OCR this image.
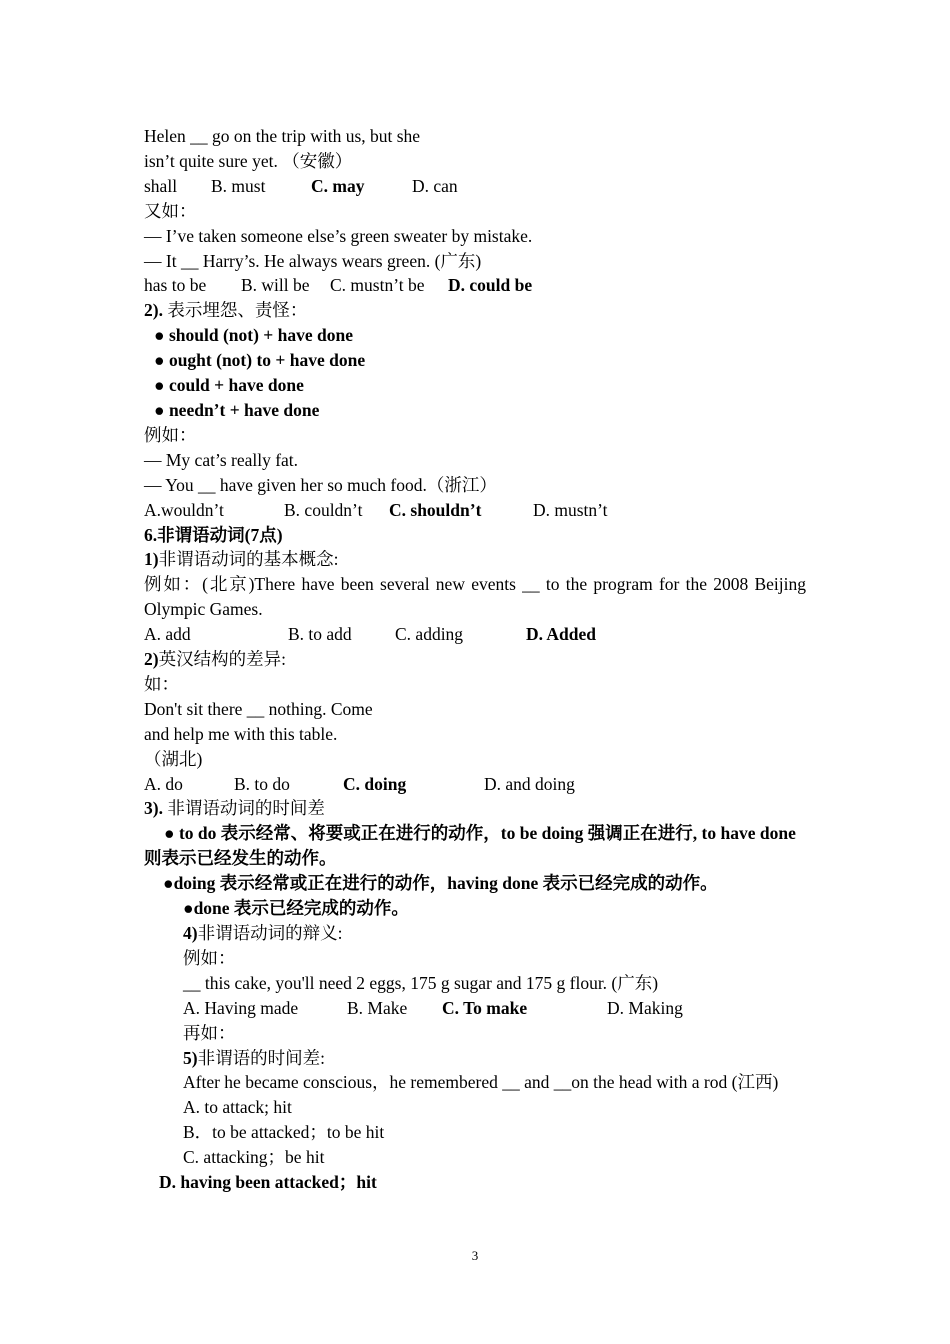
Helen __ go on the trip with us, but she
isn’t quite sure yet. （安徽）
shall B. must	C. may	D. can
又如：
— I’ve taken someone else’s green sweater by mistake.
— It __ Harry’s. He always wears green. (广东)
has to be B. will be C. mustn’t be D. could be
2). 表示埋怨、责怪：
● should (not) + have done
● ought (not) to + have done
● could + have done
● needn’t + have done
例如：
— My cat’s really fat.
— You __ have given her so much food.（浙江）
A.wouldn’t	B. couldn’t C. shouldn’t	D. mustn’t
6.非谓语动词(7点)
1)非谓语动词的基本概念:
例如：(北京)There have been several new events __ to the program for the 2008 Beijing Olympic Games.
A. add	B. to add C. adding	D. Added
2)英汉结构的差异:
如：
Don't sit there __ nothing. Come
and help me with this table.
（湖北)
A. do	B. to do	C. doing	D. and doing
3). 非谓语动词的时间差
● to do 表示经常、将要或正在进行的动作，to be doing 强调正在进行, to have done
则表示已经发生的动作。
●doing 表示经常或正在进行的动作，having done 表示已经完成的动作。
●done 表示已经完成的动作。
4)非谓语动词的辩义:
例如：
__ this cake, you'll need 2 eggs, 175 g sugar and 175 g flour. (广东)
A. Having made	B. Make C. To make	D. Making
再如：
5)非谓语的时间差:
After he became conscious，he remembered __ and __on the head with a rod (江西)
A. to attack; hit
B．to be attacked；to be hit
C. attacking；be hit
D. having been attacked；hit
3
